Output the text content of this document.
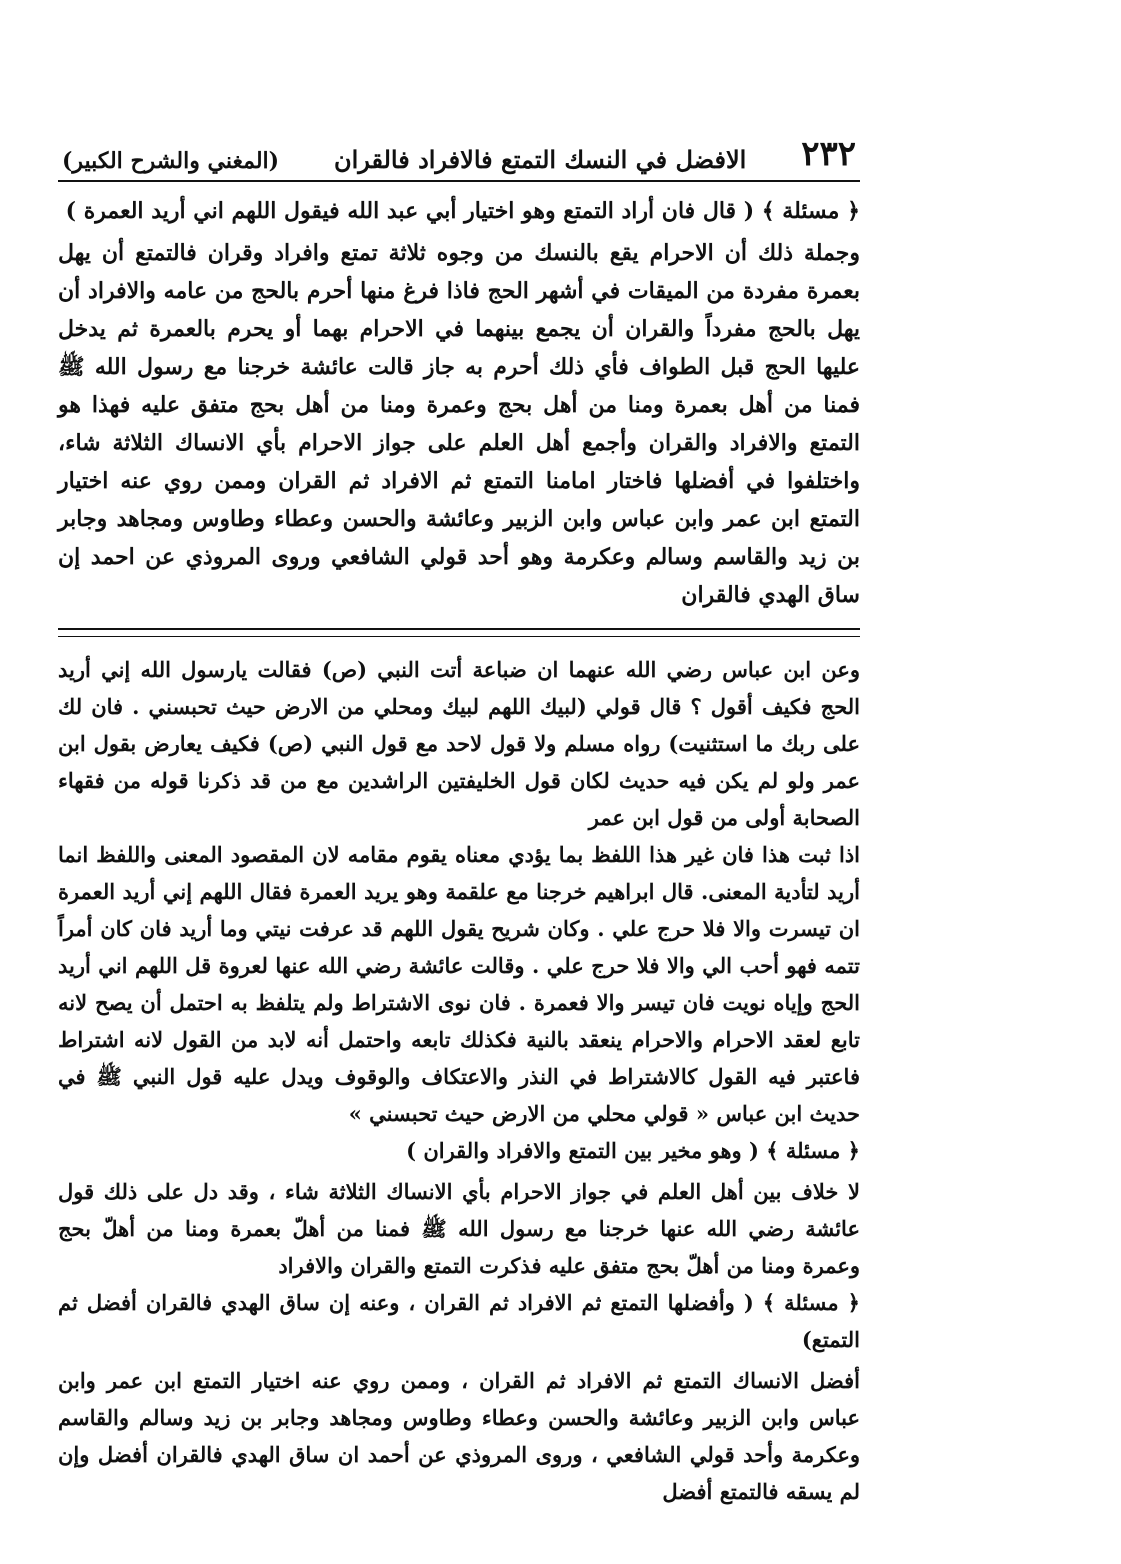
٢٣٢
الافضل في النسك التمتع فالافراد فالقران
(المغني والشرح الكبير)

﴿ مسئلة ﴾ ( قال فان أراد التمتع وهو اختيار أبي عبد الله فيقول اللهم اني أريد العمرة )

وجملة ذلك أن الاحرام يقع بالنسك من وجوه ثلاثة تمتع وافراد وقران فالتمتع أن يهل بعمرة مفردة من الميقات في أشهر الحج فاذا فرغ منها أحرم بالحج من عامه والافراد أن يهل بالحج مفرداً والقران أن يجمع بينهما في الاحرام بهما أو يحرم بالعمرة ثم يدخل عليها الحج قبل الطواف فأي ذلك أحرم به جاز قالت عائشة خرجنا مع رسول الله ﷺ فمنا من أهل بعمرة ومنا من أهل بحج وعمرة ومنا من أهل بحج متفق عليه فهذا هو التمتع والافراد والقران وأجمع أهل العلم على جواز الاحرام بأي الانساك الثلاثة شاء، واختلفوا في أفضلها فاختار امامنا التمتع ثم الافراد ثم القران وممن روي عنه اختيار التمتع ابن عمر وابن عباس وابن الزبير وعائشة والحسن وعطاء وطاوس ومجاهد وجابر بن زيد والقاسم وسالم وعكرمة وهو أحد قولي الشافعي وروى المروذي عن احمد إن ساق الهدي فالقران

وعن ابن عباس رضي الله عنهما ان ضباعة أتت النبي (ص) فقالت يارسول الله إني أريد الحج فكيف أقول ؟ قال قولي (لبيك اللهم لبيك ومحلي من الارض حيث تحبسني . فان لك على ربك ما استثنيت) رواه مسلم ولا قول لاحد مع قول النبي (ص) فكيف يعارض بقول ابن عمر ولو لم يكن فيه حديث لكان قول الخليفتين الراشدين مع من قد ذكرنا قوله من فقهاء الصحابة أولى من قول ابن عمر

اذا ثبت هذا فان غير هذا اللفظ بما يؤدي معناه يقوم مقامه لان المقصود المعنى واللفظ انما أريد لتأدية المعنى. قال ابراهيم خرجنا مع علقمة وهو يريد العمرة فقال اللهم إني أريد العمرة ان تيسرت والا فلا حرج علي . وكان شريح يقول اللهم قد عرفت نيتي وما أريد فان كان أمراً تتمه فهو أحب الي والا فلا حرج علي . وقالت عائشة رضي الله عنها لعروة قل اللهم اني أريد الحج وإياه نويت فان تيسر والا فعمرة . فان نوى الاشتراط ولم يتلفظ به احتمل أن يصح لانه تابع لعقد الاحرام والاحرام ينعقد بالنية فكذلك تابعه واحتمل أنه لابد من القول لانه اشتراط فاعتبر فيه القول كالاشتراط في النذر والاعتكاف والوقوف ويدل عليه قول النبي ﷺ في حديث ابن عباس « قولي محلي من الارض حيث تحبسني »

﴿ مسئلة ﴾ ( وهو مخير بين التمتع والافراد والقران )

لا خلاف بين أهل العلم في جواز الاحرام بأي الانساك الثلاثة شاء ، وقد دل على ذلك قول عائشة رضي الله عنها خرجنا مع رسول الله ﷺ فمنا من أهلّ بعمرة ومنا من أهلّ بحج وعمرة ومنا من أهلّ بحج متفق عليه فذكرت التمتع والقران والافراد

﴿ مسئلة ﴾ ( وأفضلها التمتع ثم الافراد ثم القران ، وعنه إن ساق الهدي فالقران أفضل ثم التمتع)

أفضل الانساك التمتع ثم الافراد ثم القران ، وممن روي عنه اختيار التمتع ابن عمر وابن عباس وابن الزبير وعائشة والحسن وعطاء وطاوس ومجاهد وجابر بن زيد وسالم والقاسم وعكرمة وأحد قولي الشافعي ، وروى المروذي عن أحمد ان ساق الهدي فالقران أفضل وإن لم يسقه فالتمتع أفضل
